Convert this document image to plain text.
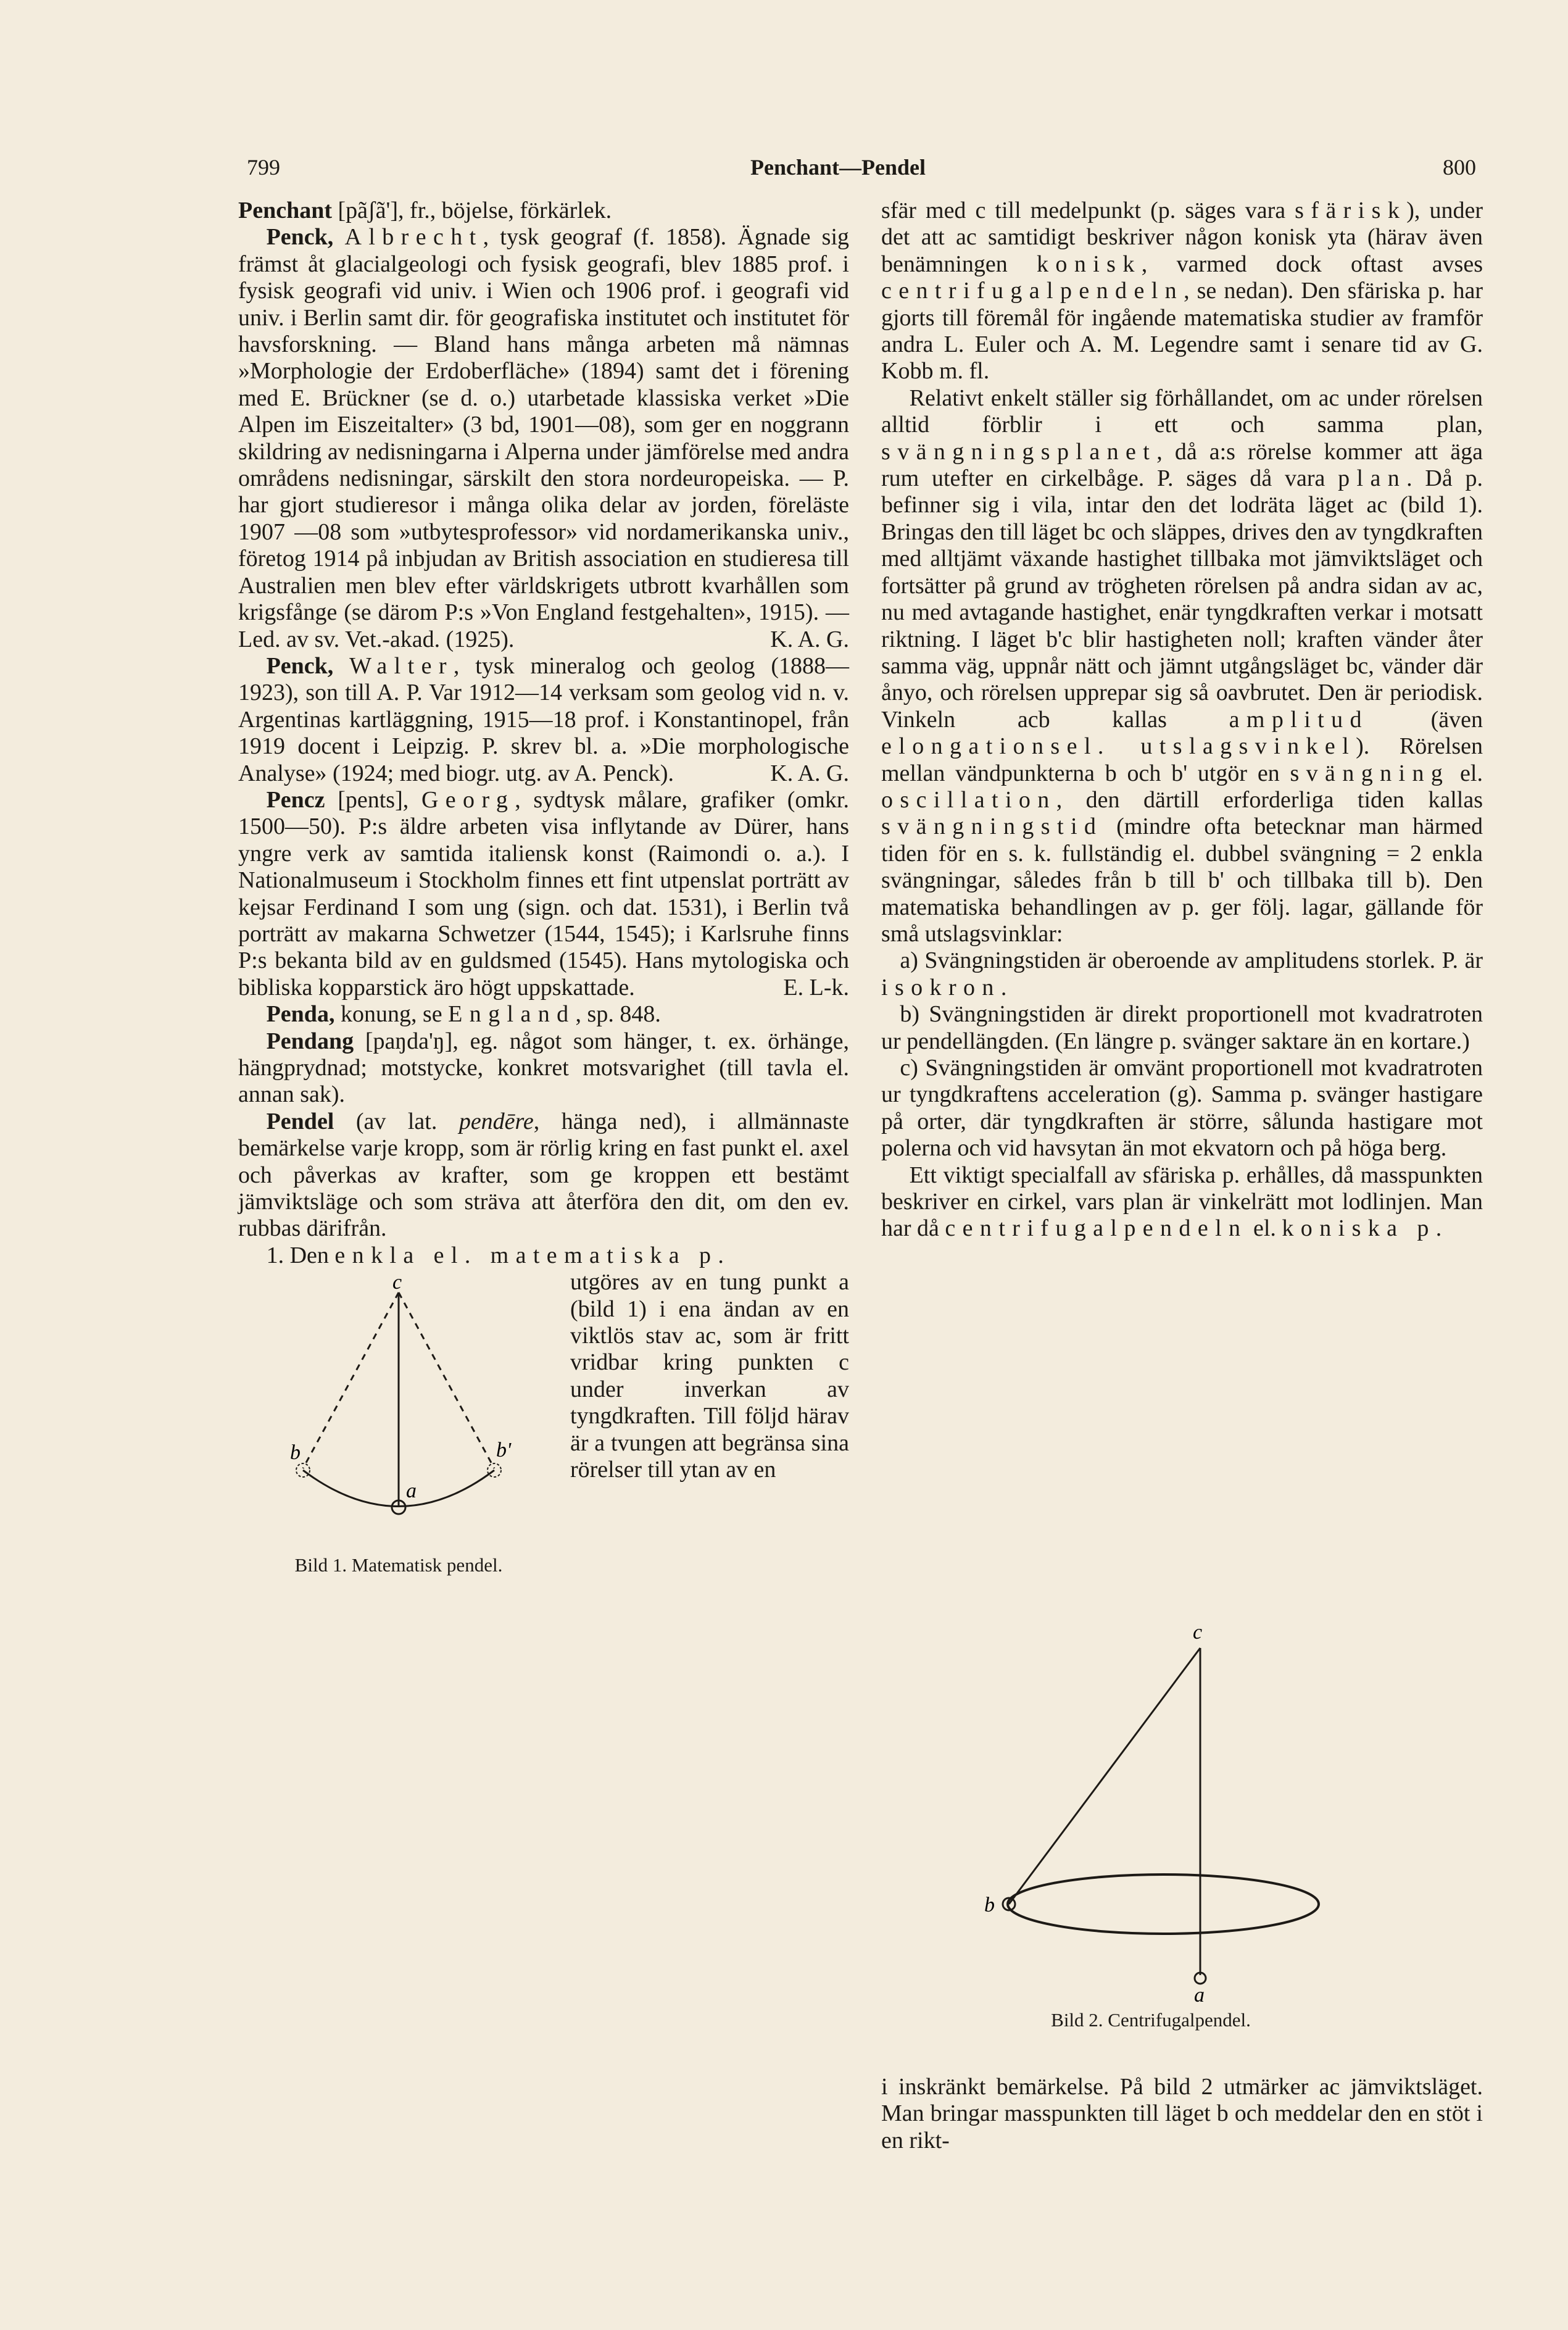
799	Penchant—Pendel	800

Penchant [pãʃã'], fr., böjelse, förkärlek.

Penck, Albrecht, tysk geograf (f. 1858). Ägnade sig främst åt glacialgeologi och fysisk geografi, blev 1885 prof. i fysisk geografi vid univ. i Wien och 1906 prof. i geografi vid univ. i Berlin samt dir. för geografiska institutet och institutet för havsforskning. — Bland hans många arbeten må nämnas »Morphologie der Erdoberfläche» (1894) samt det i förening med E. Brückner (se d. o.) utarbetade klassiska verket »Die Alpen im Eiszeitalter» (3 bd, 1901—08), som ger en noggrann skildring av nedisningarna i Alperna under jämförelse med andra områdens nedisningar, särskilt den stora nordeuropeiska. — P. har gjort studieresor i många olika delar av jorden, föreläste 1907 —08 som »utbytesprofessor» vid nordamerikanska univ., företog 1914 på inbjudan av British association en studieresa till Australien men blev efter världskrigets utbrott kvarhållen som krigsfånge (se därom P:s »Von England festgehalten», 1915). — Led. av sv. Vet.-akad. (1925).	K. A. G.

Penck, Walter, tysk mineralog och geolog (1888—1923), son till A. P. Var 1912—14 verksam som geolog vid n. v. Argentinas kartläggning, 1915—18 prof. i Konstantinopel, från 1919 docent i Leipzig. P. skrev bl. a. »Die morphologische Analyse» (1924; med biogr. utg. av A. Penck).	K. A. G.

Pencz [pents], Georg, sydtysk målare, grafiker (omkr. 1500—50). P:s äldre arbeten visa inflytande av Dürer, hans yngre verk av samtida italiensk konst (Raimondi o. a.). I Nationalmuseum i Stockholm finnes ett fint utpenslat porträtt av kejsar Ferdinand I som ung (sign. och dat. 1531), i Berlin två porträtt av makarna Schwetzer (1544, 1545); i Karlsruhe finns P:s bekanta bild av en guldsmed (1545). Hans mytologiska och bibliska kopparstick äro högt uppskattade.	E. L-k.

Penda, konung, se England, sp. 848.

Pendang [paŋda'ŋ], eg. något som hänger, t. ex. örhänge, hängprydnad; motstycke, konkret motsvarighet (till tavla el. annan sak).

Pendel (av lat. pendēre, hänga ned), i allmännaste bemärkelse varje kropp, som är rörlig kring en fast punkt el. axel och påverkas av krafter, som ge kroppen ett bestämt jämviktsläge och som sträva att återföra den dit, om den ev. rubbas därifrån.

1. Den enkla el. matematiska p.

c
a
b	b'
Bild 1. Matematisk pendel.

utgöres av en tung punkt a (bild 1) i ena ändan av en viktlös stav ac, som är fritt vridbar kring punkten c under inverkan av tyngdkraften. Till följd härav är a tvungen att begränsa sina rörelser till ytan av en

sfär med c till medelpunkt (p. säges vara sfärisk), under det att ac samtidigt beskriver någon konisk yta (härav även benämningen konisk, varmed dock oftast avses centrifugalpendeln, se nedan). Den sfäriska p. har gjorts till föremål för ingående matematiska studier av framför andra L. Euler och A. M. Legendre samt i senare tid av G. Kobb m. fl.

Relativt enkelt ställer sig förhållandet, om ac under rörelsen alltid förblir i ett och samma plan, svängningsplanet, då a:s rörelse kommer att äga rum utefter en cirkelbåge. P. säges då vara plan. Då p. befinner sig i vila, intar den det lodräta läget ac (bild 1). Bringas den till läget bc och släppes, drives den av tyngdkraften med alltjämt växande hastighet tillbaka mot jämviktsläget och fortsätter på grund av trögheten rörelsen på andra sidan av ac, nu med avtagande hastighet, enär tyngdkraften verkar i motsatt riktning. I läget b'c blir hastigheten noll; kraften vänder åter samma väg, uppnår nätt och jämnt utgångsläget bc, vänder där ånyo, och rörelsen upprepar sig så oavbrutet. Den är periodisk. Vinkeln acb kallas amplitud (även elongationsel. utslagsvinkel). Rörelsen mellan vändpunkterna b och b' utgör en svängning el. oscillation, den därtill erforderliga tiden kallas svängningstid (mindre ofta betecknar man härmed tiden för en s. k. fullständig el. dubbel svängning = 2 enkla svängningar, således från b till b' och tillbaka till b). Den matematiska behandlingen av p. ger följ. lagar, gällande för små utslagsvinklar:

a) Svängningstiden är oberoende av amplitudens storlek. P. är isokron.

b) Svängningstiden är direkt proportionell mot kvadratroten ur pendellängden. (En längre p. svänger saktare än en kortare.)

c) Svängningstiden är omvänt proportionell mot kvadratroten ur tyngdkraftens acceleration (g). Samma p. svänger hastigare på orter, där tyngdkraften är större, sålunda hastigare mot polerna och vid havsytan än mot ekvatorn och på höga berg.

Ett viktigt specialfall av sfäriska p. erhålles, då masspunkten beskriver en cirkel, vars plan är vinkelrätt mot lodlinjen. Man har då centrifugalpendeln el. koniska p.

c
b
a
Bild 2. Centrifugalpendel.

i inskränkt bemärkelse. På bild 2 utmärker ac jämviktsläget. Man bringar masspunkten till läget b och meddelar den en stöt i en rikt-
